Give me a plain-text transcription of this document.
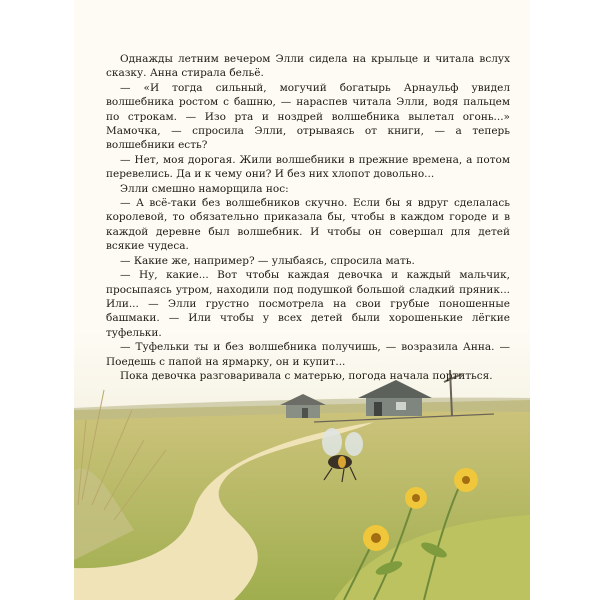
Однажды летним вечером Элли сидела на крыльце и читала вслух сказку. Анна стирала бельё.

— «И тогда сильный, могучий богатырь Арнаульф увидел волшебника ростом с башню, — нараспев читала Элли, водя пальцем по строкам. — Изо рта и ноздрей волшебника вылетал огонь...» Мамочка, — спросила Элли, отрываясь от книги, — а теперь волшебники есть?

— Нет, моя дорогая. Жили волшебники в прежние времена, а потом перевелись. Да и к чему они? И без них хлопот довольно...

Элли смешно наморщила нос:

— А всё-таки без волшебников скучно. Если бы я вдруг сделалась королевой, то обязательно приказала бы, чтобы в каждом городе и в каждой деревне был волшебник. И чтобы он совершал для детей всякие чудеса.

— Какие же, например? — улыбаясь, спросила мать.

— Ну, какие... Вот чтобы каждая девочка и каждый мальчик, просыпаясь утром, находили под подушкой большой сладкий пряник... Или... — Элли грустно посмотрела на свои грубые поношенные башмаки. — Или чтобы у всех детей были хорошенькие лёгкие туфельки.

— Туфельки ты и без волшебника получишь, — возразила Анна. — Поедешь с папой на ярмарку, он и купит...

Пока девочка разговаривала с матерью, погода начала портиться.
